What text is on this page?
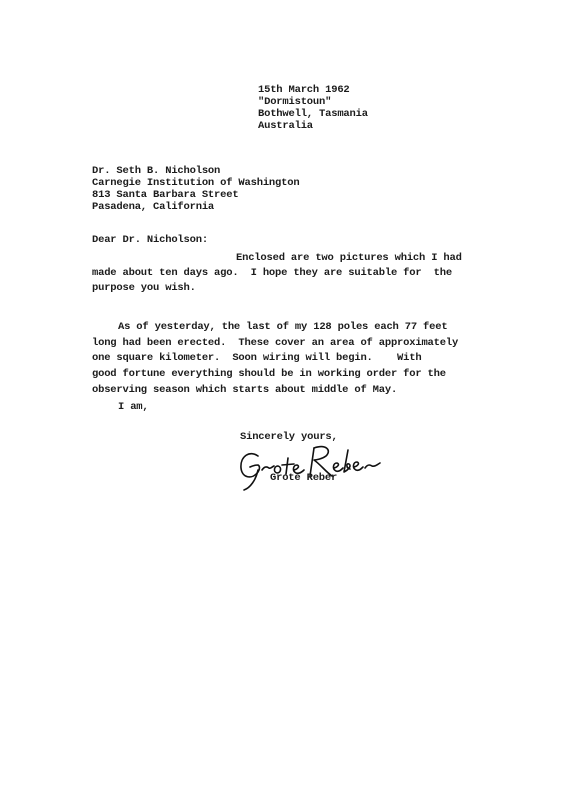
15th March 1962
"Dormistoun"
Bothwell, Tasmania
Australia
Dr. Seth B. Nicholson
Carnegie Institution of Washington
813 Santa Barbara Street
Pasadena, California
Dear Dr. Nicholson:
Enclosed are two pictures which I had
made about ten days ago.  I hope they are suitable for  the
purpose you wish.
As of yesterday, the last of my 128 poles each 77 feet
long had been erected.  These cover an area of approximately
one square kilometer.  Soon wiring will begin.    With
good fortune everything should be in working order for the
observing season which starts about middle of May.
I am,
Sincerely yours,
Grote Reber
